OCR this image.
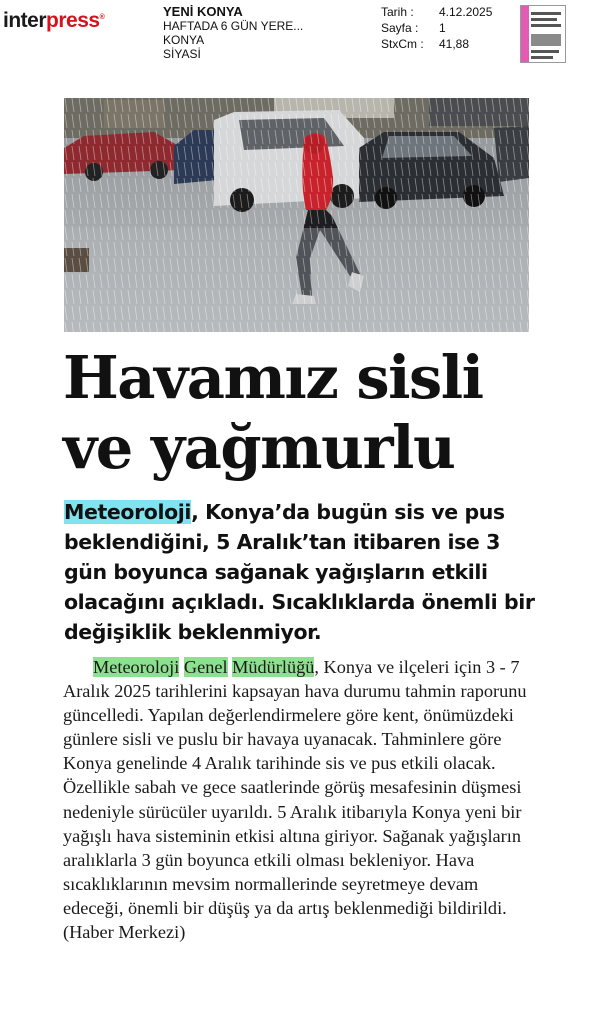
interpress®	YENİ KONYA
HAFTADA 6 GÜN YERE...
KONYA
SİYASİ
Tarih : 4.12.2025
Sayfa : 1
StxCm : 41,88
Havamız sisli ve yağmurlu
Meteoroloji, Konya’da bugün sis ve pus beklendiğini, 5 Aralık’tan itibaren ise 3 gün boyunca sağanak yağışların etkili olacağını açıkladı. Sıcaklıklarda önemli bir değişiklik beklenmiyor.

Meteoroloji Genel Müdürlüğü, Konya ve ilçeleri için 3 - 7 Aralık 2025 tarihlerini kapsayan hava durumu tahmin raporunu güncelledi. Yapılan değerlendirmelere göre kent, önümüzdeki günlere sisli ve puslu bir havaya uyanacak. Tahminlere göre Konya genelinde 4 Aralık tarihinde sis ve pus etkili olacak. Özellikle sabah ve gece saatlerinde görüş mesafesinin düşmesi nedeniyle sürücüler uyarıldı. 5 Aralık itibarıyla Konya yeni bir yağışlı hava sisteminin etkisi altına giriyor. Sağanak yağışların aralıklarla 3 gün boyunca etkili olması bekleniyor. Hava sıcaklıklarının mevsim normallerinde seyretmeye devam edeceği, önemli bir düşüş ya da artış beklenmediği bildirildi. (Haber Merkezi)
